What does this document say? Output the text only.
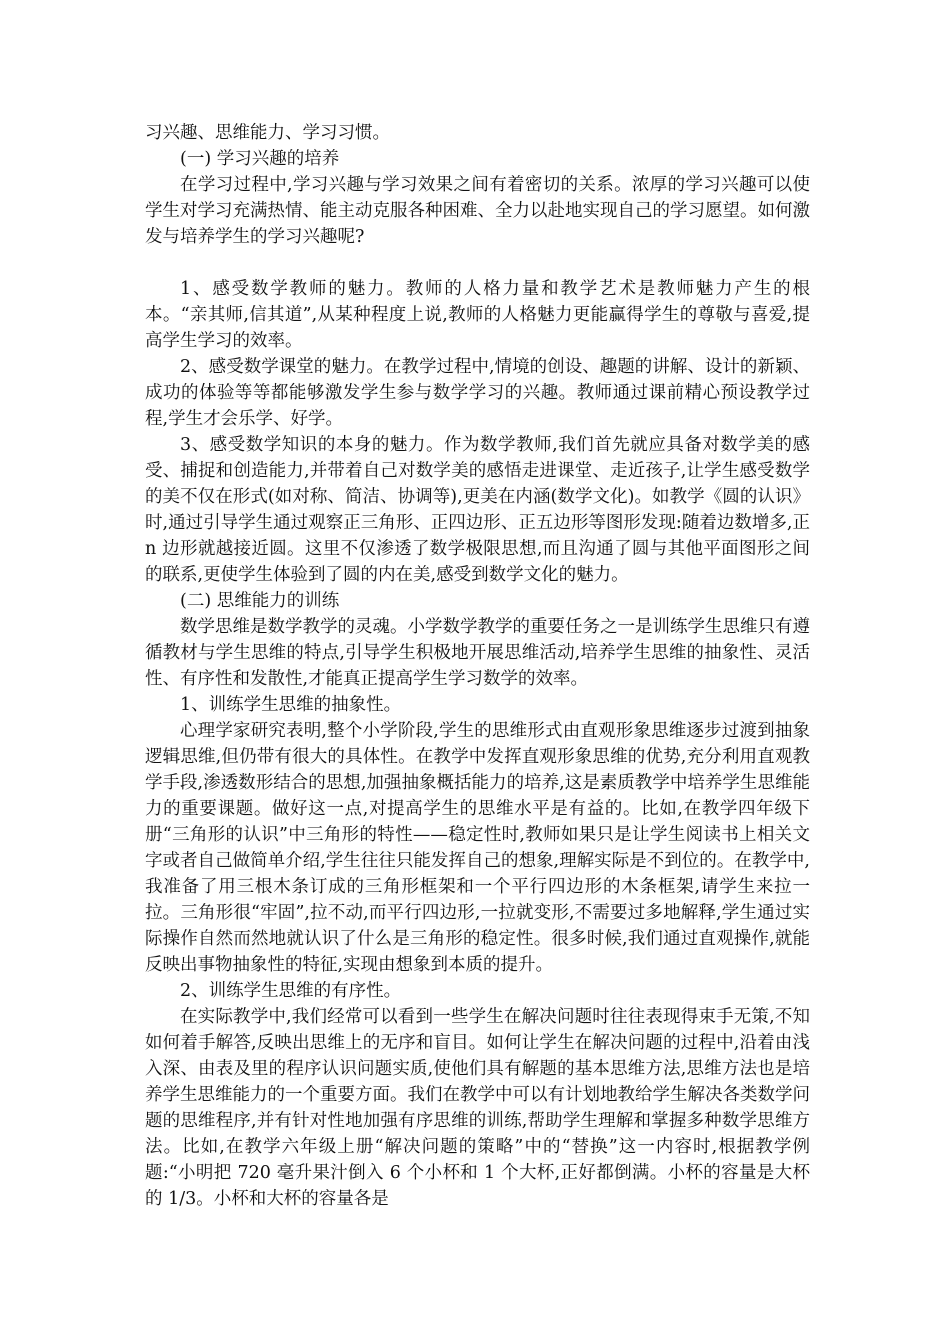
习兴趣、思维能力、学习习惯。

(一) 学习兴趣的培养

在学习过程中,学习兴趣与学习效果之间有着密切的关系。浓厚的学习兴趣可以使学生对学习充满热情、能主动克服各种困难、全力以赴地实现自己的学习愿望。如何激发与培养学生的学习兴趣呢?

1、感受数学教师的魅力。教师的人格力量和教学艺术是教师魅力产生的根本。“亲其师,信其道”,从某种程度上说,教师的人格魅力更能赢得学生的尊敬与喜爱,提高学生学习的效率。

2、感受数学课堂的魅力。在教学过程中,情境的创设、趣题的讲解、设计的新颖、成功的体验等等都能够激发学生参与数学学习的兴趣。教师通过课前精心预设教学过程,学生才会乐学、好学。

3、感受数学知识的本身的魅力。作为数学教师,我们首先就应具备对数学美的感受、捕捉和创造能力,并带着自己对数学美的感悟走进课堂、走近孩子,让学生感受数学的美不仅在形式(如对称、简洁、协调等),更美在内涵(数学文化)。如教学《圆的认识》时,通过引导学生通过观察正三角形、正四边形、正五边形等图形发现:随着边数增多,正 n 边形就越接近圆。这里不仅渗透了数学极限思想,而且沟通了圆与其他平面图形之间的联系,更使学生体验到了圆的内在美,感受到数学文化的魅力。

(二) 思维能力的训练

数学思维是数学教学的灵魂。小学数学教学的重要任务之一是训练学生思维只有遵循教材与学生思维的特点,引导学生积极地开展思维活动,培养学生思维的抽象性、灵活性、有序性和发散性,才能真正提高学生学习数学的效率。

1、训练学生思维的抽象性。

心理学家研究表明,整个小学阶段,学生的思维形式由直观形象思维逐步过渡到抽象逻辑思维,但仍带有很大的具体性。在教学中发挥直观形象思维的优势,充分利用直观教学手段,渗透数形结合的思想,加强抽象概括能力的培养,这是素质教学中培养学生思维能力的重要课题。做好这一点,对提高学生的思维水平是有益的。比如,在教学四年级下册“三角形的认识”中三角形的特性——稳定性时,教师如果只是让学生阅读书上相关文字或者自己做简单介绍,学生往往只能发挥自己的想象,理解实际是不到位的。在教学中,我准备了用三根木条订成的三角形框架和一个平行四边形的木条框架,请学生来拉一拉。三角形很“牢固”,拉不动,而平行四边形,一拉就变形,不需要过多地解释,学生通过实际操作自然而然地就认识了什么是三角形的稳定性。很多时候,我们通过直观操作,就能反映出事物抽象性的特征,实现由想象到本质的提升。

2、训练学生思维的有序性。

在实际教学中,我们经常可以看到一些学生在解决问题时往往表现得束手无策,不知如何着手解答,反映出思维上的无序和盲目。如何让学生在解决问题的过程中,沿着由浅入深、由表及里的程序认识问题实质,使他们具有解题的基本思维方法,思维方法也是培养学生思维能力的一个重要方面。我们在教学中可以有计划地教给学生解决各类数学问题的思维程序,并有针对性地加强有序思维的训练,帮助学生理解和掌握多种数学思维方法。比如,在教学六年级上册“解决问题的策略”中的“替换”这一内容时,根据教学例题:“小明把 720 毫升果汁倒入 6 个小杯和 1 个大杯,正好都倒满。小杯的容量是大杯的 1/3。小杯和大杯的容量各是
